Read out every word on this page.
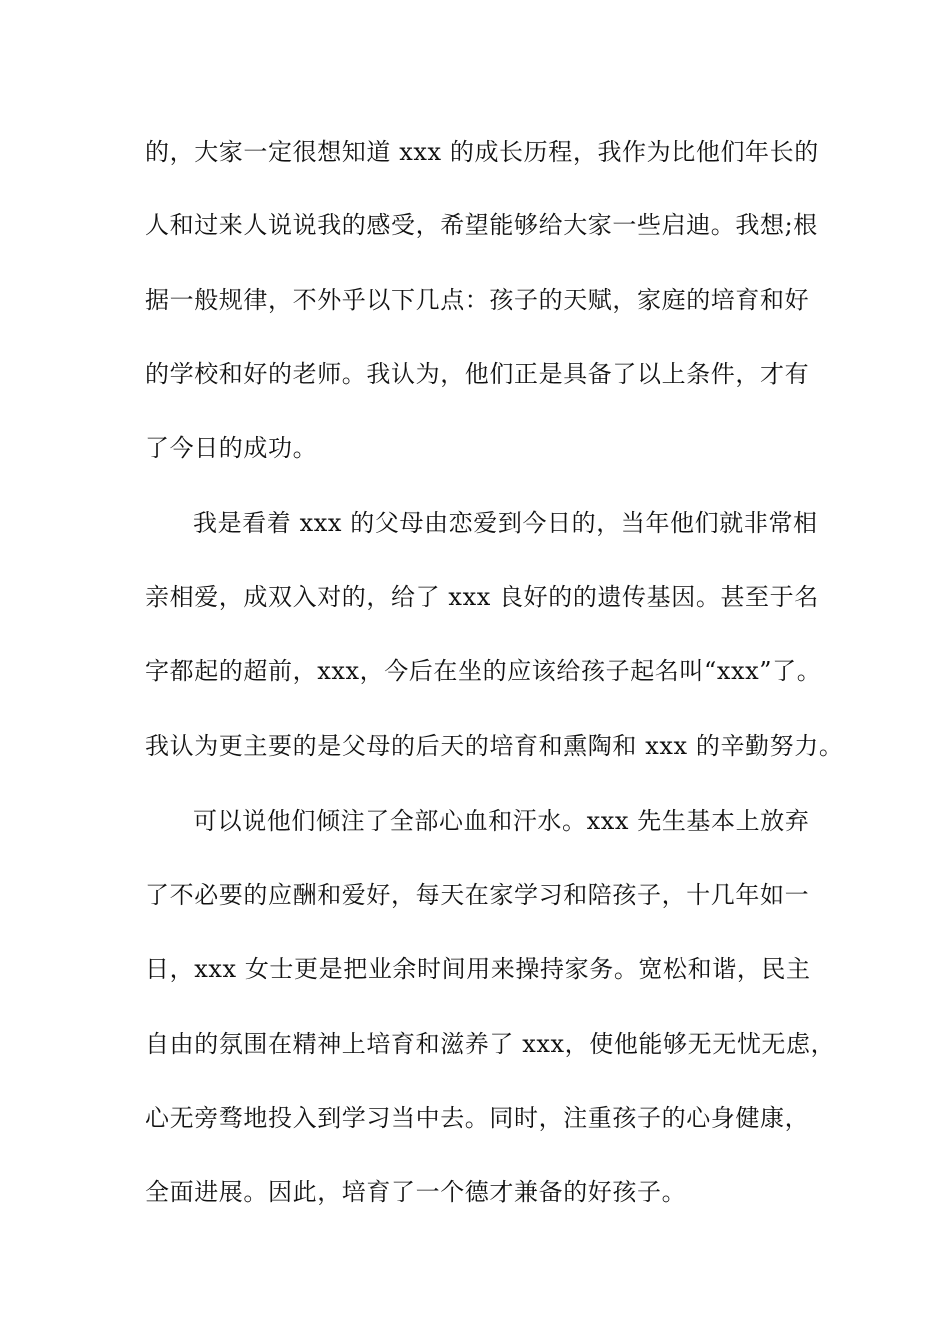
的，大家一定很想知道 xxx 的成长历程，我作为比他们年长的
人和过来人说说我的感受，希望能够给大家一些启迪。我想;根
据一般规律，不外乎以下几点：孩子的天赋，家庭的培育和好
的学校和好的老师。我认为，他们正是具备了以上条件，才有
了今日的成功。
我是看着 xxx 的父母由恋爱到今日的，当年他们就非常相
亲相爱，成双入对的，给了 xxx 良好的的遗传基因。甚至于名
字都起的超前，xxx，今后在坐的应该给孩子起名叫“xxx”了。
我认为更主要的是父母的后天的培育和熏陶和 xxx 的辛勤努力。
可以说他们倾注了全部心血和汗水。xxx 先生基本上放弃
了不必要的应酬和爱好，每天在家学习和陪孩子，十几年如一
日，xxx 女士更是把业余时间用来操持家务。宽松和谐，民主
自由的氛围在精神上培育和滋养了 xxx，使他能够无无忧无虑，
心无旁骛地投入到学习当中去。同时，注重孩子的心身健康，
全面进展。因此，培育了一个德才兼备的好孩子。
